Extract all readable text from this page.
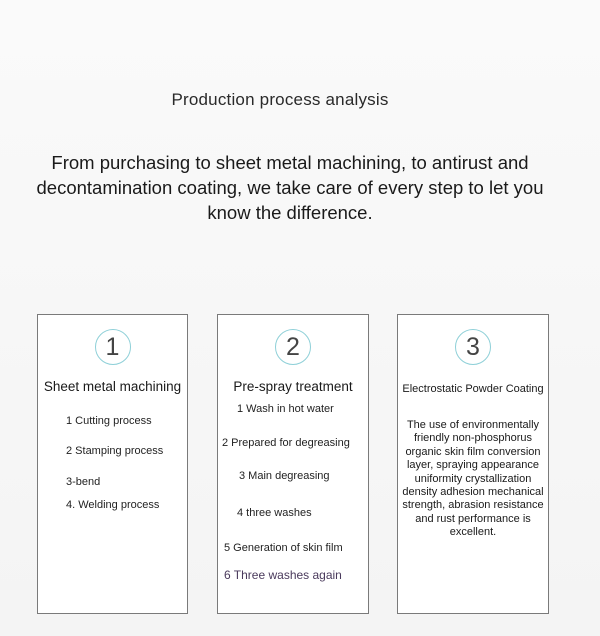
Production process analysis
From purchasing to sheet metal machining, to antirust and decontamination coating, we take care of every step to let you know the difference.
1
Sheet metal machining
1 Cutting process
2 Stamping process
3-bend
4. Welding process
2
Pre-spray treatment
1 Wash in hot water
2 Prepared for degreasing
3 Main degreasing
4 three washes
5 Generation of skin film
6 Three washes again
3
Electrostatic Powder Coating
The use of environmentally friendly non-phosphorus organic skin film conversion layer, spraying appearance uniformity crystallization density adhesion mechanical strength, abrasion resistance and rust performance is excellent.
